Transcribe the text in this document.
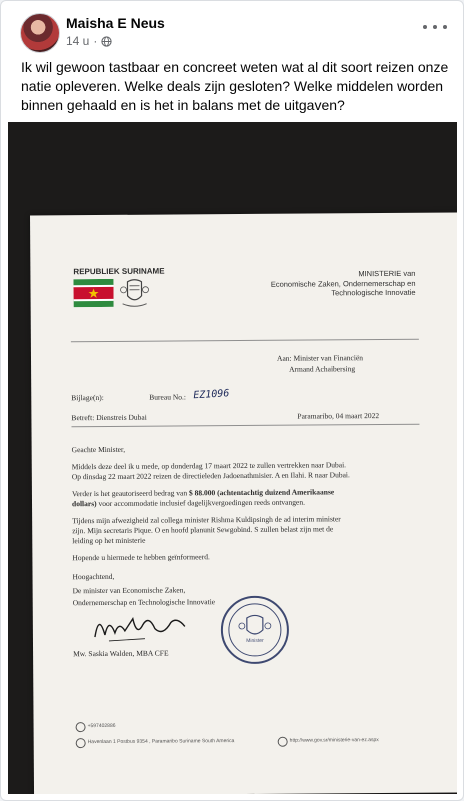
Maisha E Neus
14 u ·

Ik wil gewoon tastbaar en concreet weten wat al dit soort reizen onze natie opleveren. Welke deals zijn gesloten? Welke middelen worden binnen gehaald en is het in balans met de uitgaven?

REPUBLIEK SURINAME	MINISTERIE van
Economische Zaken, Ondernemerschap en
Technologische Innovatie
Aan: Minister van Financiën
Armand Achaibersing
Bijlage(n):	Bureau No.: EZ1096
Betreft: Dienstreis Dubai	Paramaribo, 04 maart 2022
Geachte Minister,
Middels deze deel ik u mede, op donderdag 17 maart 2022 te zullen vertrekken naar Dubai.
Op dinsdag 22 maart 2022 reizen de directieleden Jadoenathmisier. A en Ilahi. R naar Dubai.
Verder is het geautoriseerd bedrag van $ 88.000 (achtentachtig duizend Amerikaanse
dollars) voor accommodatie inclusief dagelijkvergoedingen reeds ontvangen.
Tijdens mijn afwezigheid zal collega minister Rishma Kuldipsingh de ad interim minister
zijn. Mijn secretaris Pique. O en hoofd planunit Sewgobind. S zullen belast zijn met de
leiding op het ministerie
Hopende u hiermede te hebben geïnformeerd.
Hoogachtend,
De minister van Economische Zaken,
Ondernemerschap en Technologische Innovatie
Minister
Mw. Saskia Walden, MBA CFE
+597402886
Havenlaan 1 Postbus 9354 , Paramaribo Suriname South America	http://www.gov.sr/ministerie-van-ez.aspx
